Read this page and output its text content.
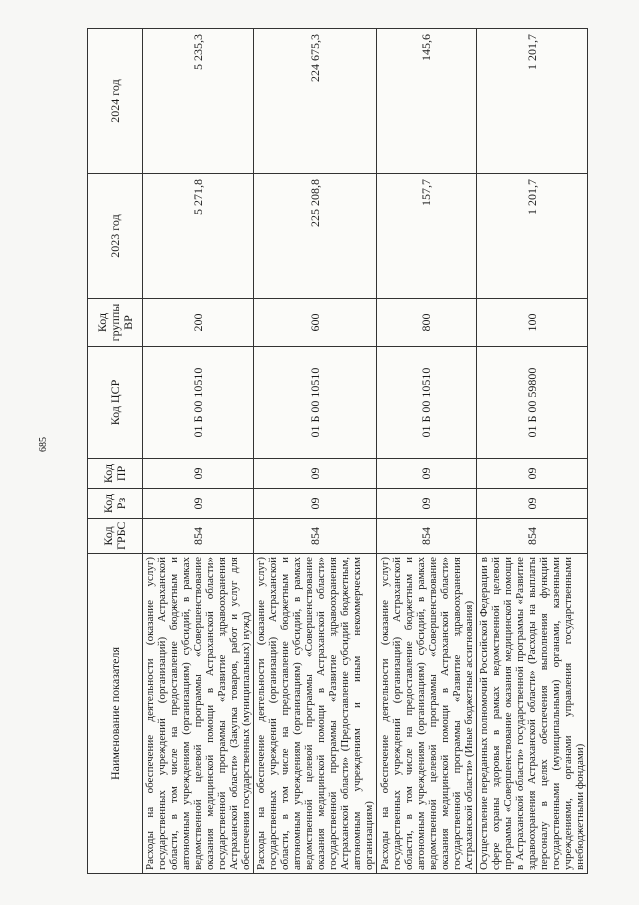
685
Наименование показателя	Код ГРБС	Код Рз	Код ПР	Код ЦСР	Код группы ВР	2023 год	2024 год
Расходы на обеспечение деятельности (оказание услуг) государственных учреждений (организаций) Астраханской области, в том числе на предоставление бюджетным и автономным учреждениям (организациям) субсидий, в рамках ведомственной целевой программы «Совершенствование оказания медицинской помощи в Астраханской области» государственной программы «Развитие здравоохранения Астраханской области» (Закупка товаров, работ и услуг для обеспечения государственных (муниципальных) нужд)	854	09	09	01 Б 00 10510	200	5 271,8	5 235,3
Расходы на обеспечение деятельности (оказание услуг) государственных учреждений (организаций) Астраханской области, в том числе на предоставление бюджетным и автономным учреждениям (организациям) субсидий, в рамках ведомственной целевой программы «Совершенствование оказания медицинской помощи в Астраханской области» государственной программы «Развитие здравоохранения Астраханской области» (Предоставление субсидий бюджетным, автономным учреждениям и иным некоммерческим организациям)	854	09	09	01 Б 00 10510	600	225 208,8	224 675,3
Расходы на обеспечение деятельности (оказание услуг) государственных учреждений (организаций) Астраханской области, в том числе на предоставление бюджетным и автономным учреждениям (организациям) субсидий, в рамках ведомственной целевой программы «Совершенствование оказания медицинской помощи в Астраханской области» государственной программы «Развитие здравоохранения Астраханской области» (Иные бюджетные ассигнования)	854	09	09	01 Б 00 10510	800	157,7	145,6
Осуществление переданных полномочий Российской Федерации в сфере охраны здоровья в рамках ведомственной целевой программы «Совершенствование оказания медицинской помощи в Астраханской области» государственной программы «Развитие здравоохранения Астраханской области» (Расходы на выплаты персоналу в целях обеспечения выполнения функций государственными (муниципальными) органами, казенными учреждениями, органами управления государственными внебюджетными фондами)	854	09	09	01 Б 00 59800	100	1 201,7	1 201,7
